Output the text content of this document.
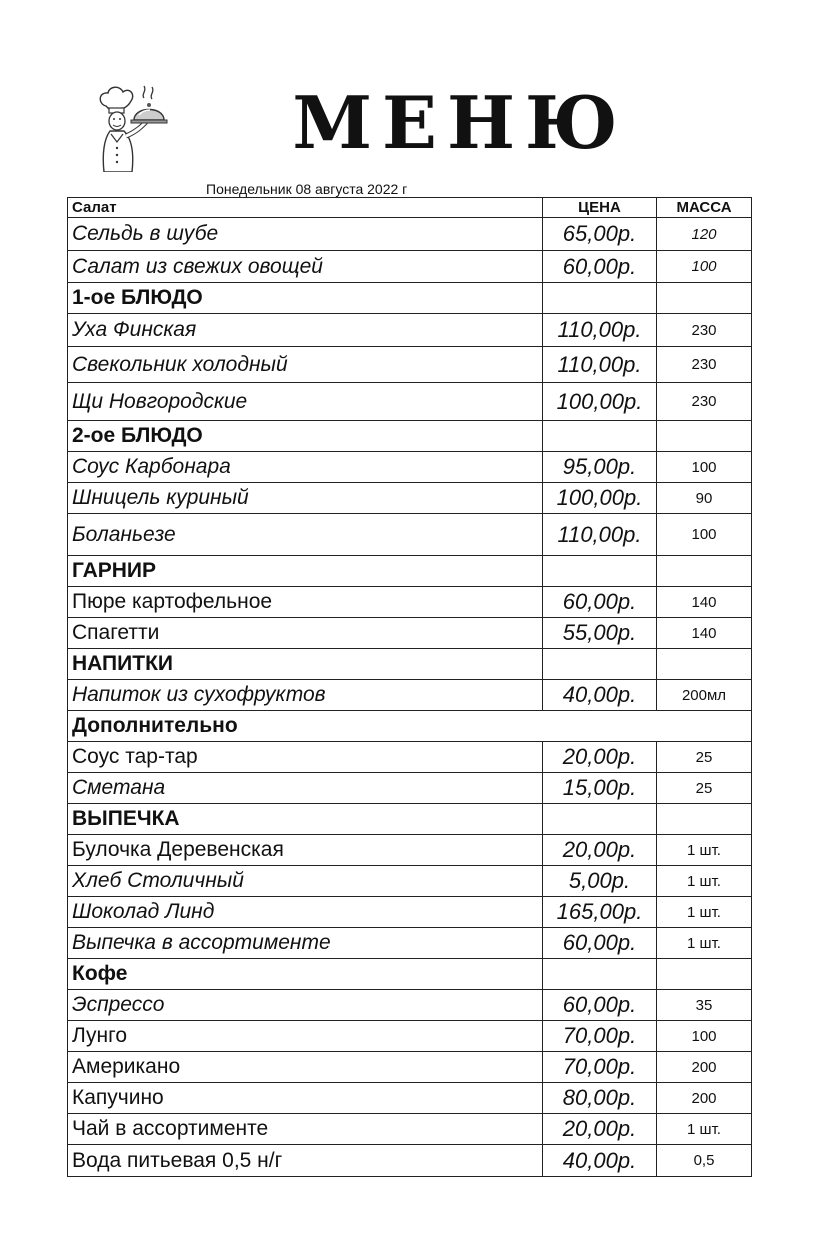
МЕНЮ
Понедельник 08 августа 2022 г
Салат	ЦЕНА	МАССА
Сельдь в шубе	65,00р.	120
Салат из свежих овощей	60,00р.	100
1-ое БЛЮДО		
Уха Финская	110,00р.	230
Свекольник холодный	110,00р.	230
Щи Новгородские	100,00р.	230
2-ое БЛЮДО		
Соус Карбонара	95,00р.	100
Шницель куриный	100,00р.	90
Боланьезе	110,00р.	100
ГАРНИР		
Пюре картофельное	60,00р.	140
Спагетти	55,00р.	140
НАПИТКИ		
Напиток из сухофруктов	40,00р.	200мл
Дополнительно		
Соус тар-тар	20,00р.	25
Сметана	15,00р.	25
ВЫПЕЧКА		
Булочка Деревенская	20,00р.	1 шт.
Хлеб Столичный	5,00р.	1 шт.
Шоколад Линд	165,00р.	1 шт.
Выпечка в ассортименте	60,00р.	1 шт.
Кофе		
Эспрессо	60,00р.	35
Лунго	70,00р.	100
Американо	70,00р.	200
Капучино	80,00р.	200
Чай в ассортименте	20,00р.	1 шт.
Вода питьевая 0,5 н/г	40,00р.	0,5
